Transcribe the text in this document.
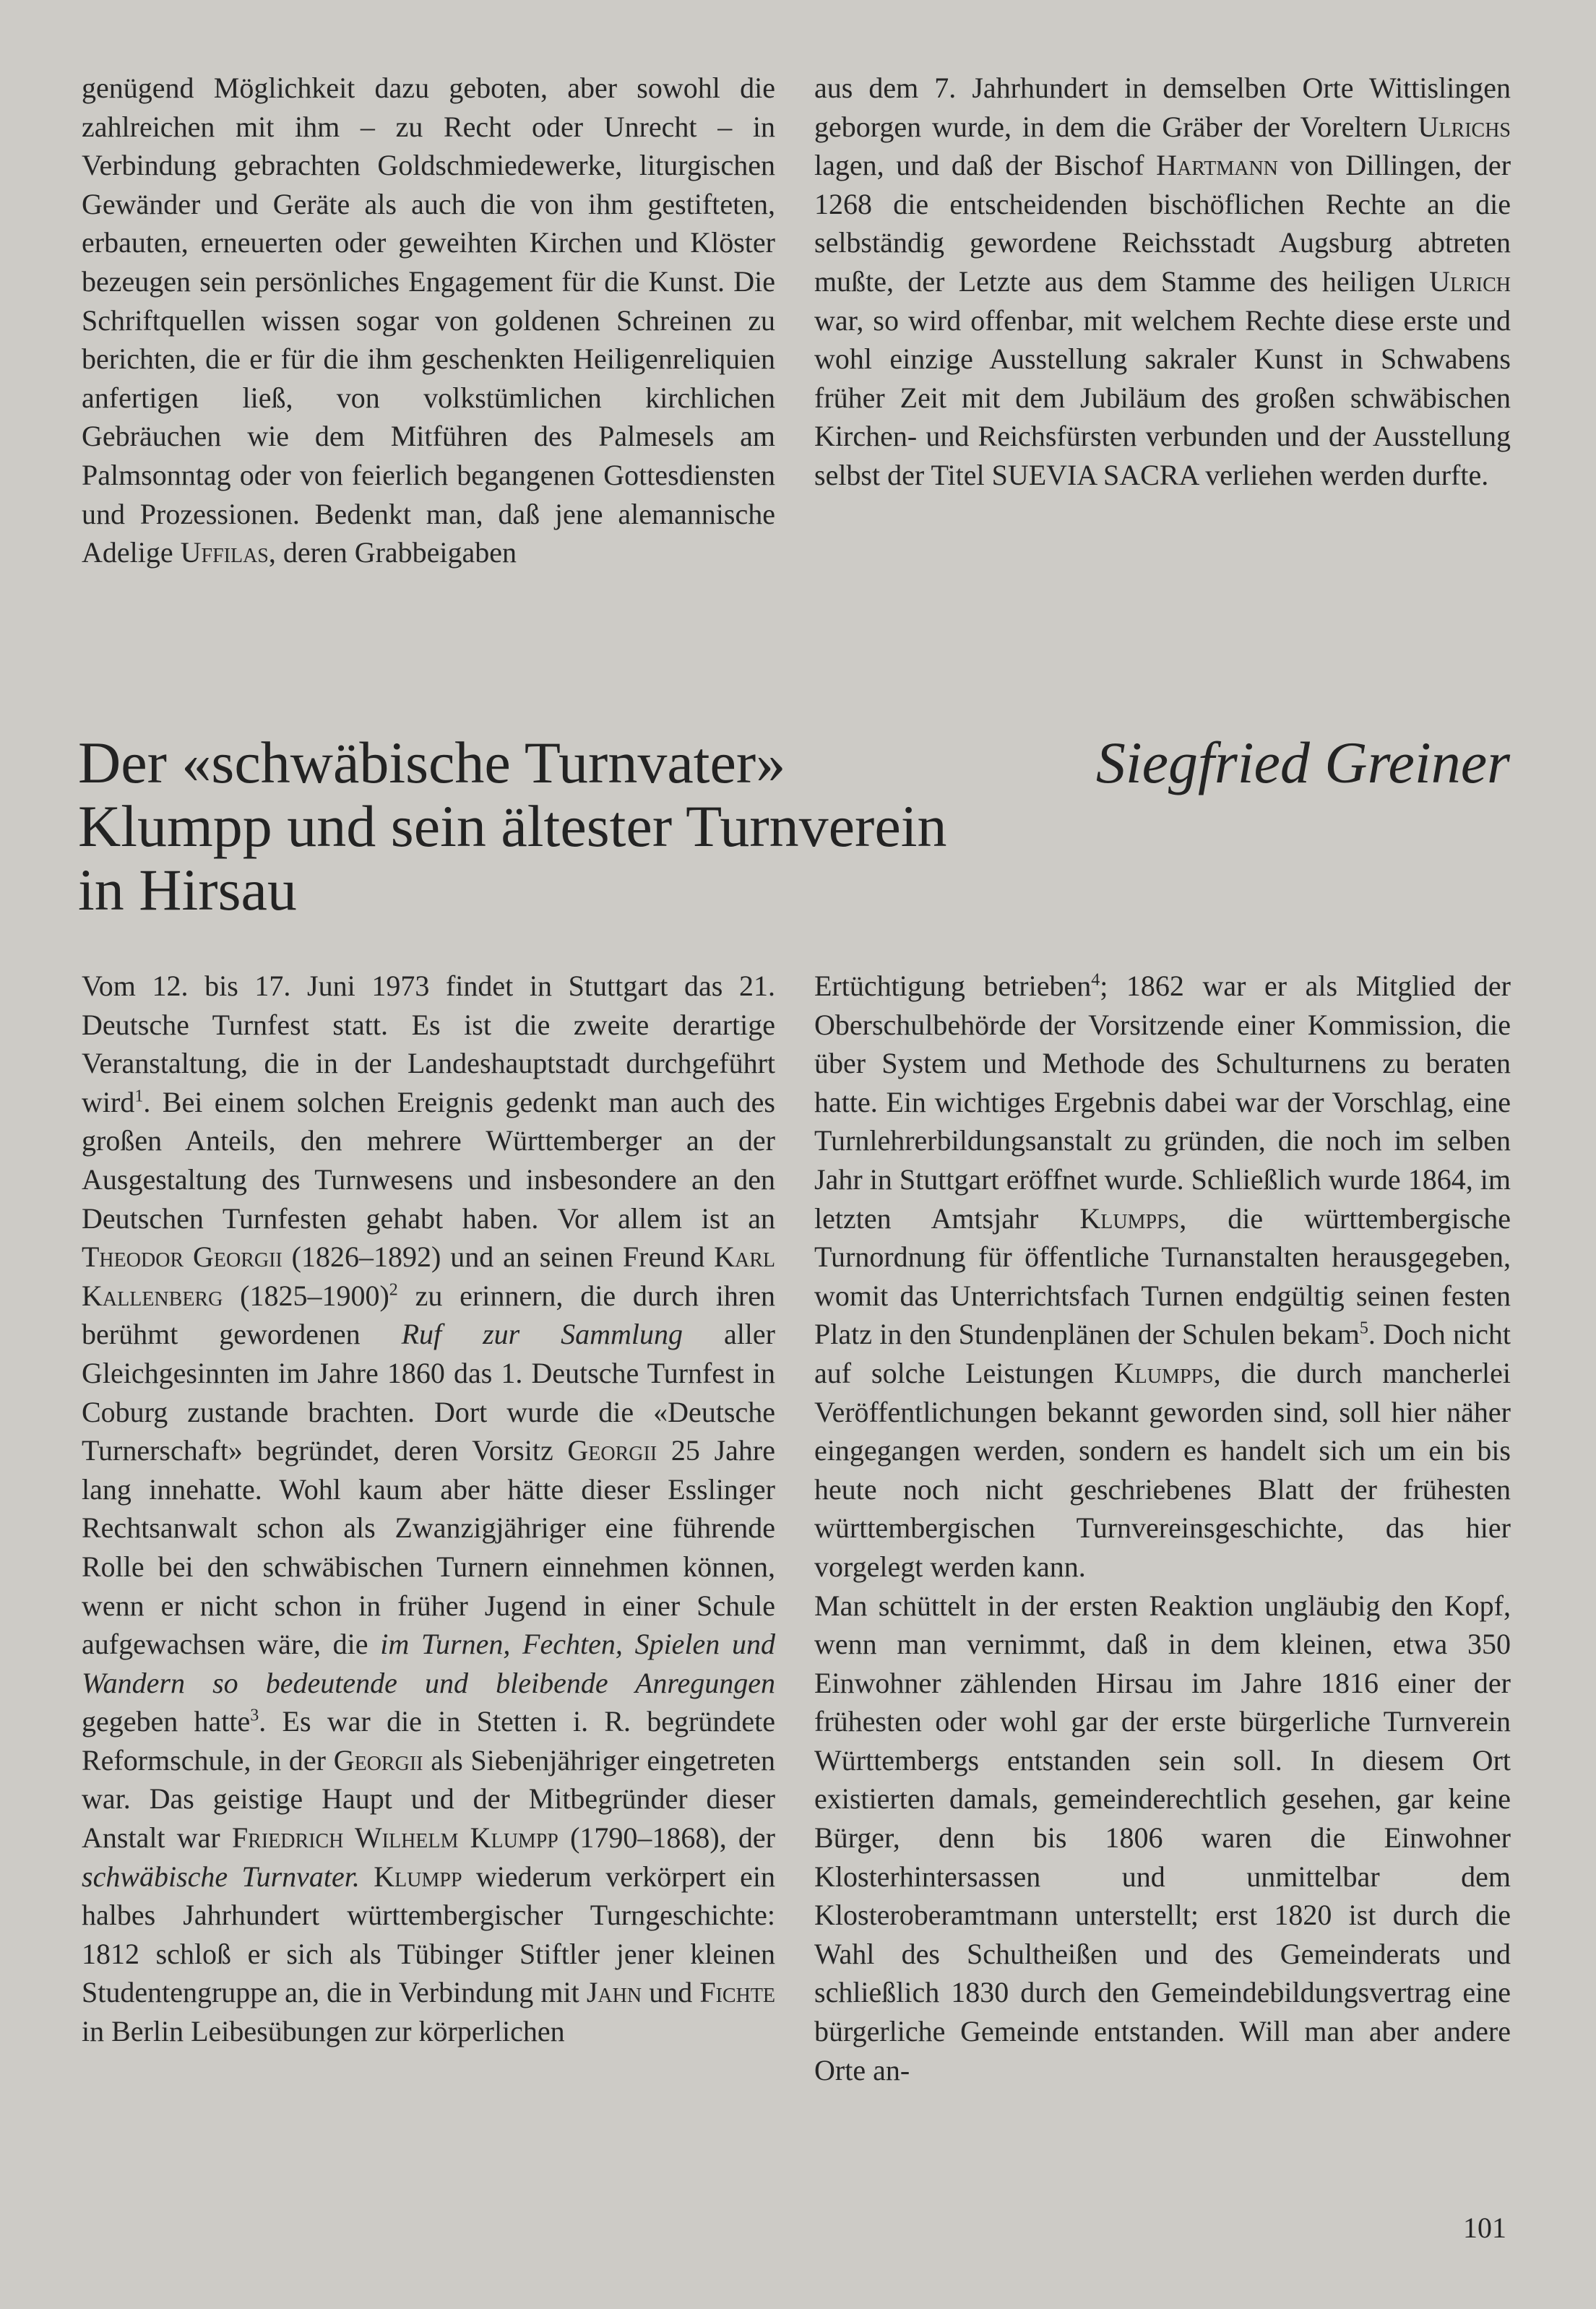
genügend Möglichkeit dazu geboten, aber sowohl die zahlreichen mit ihm – zu Recht oder Unrecht – in Verbindung gebrachten Goldschmiedewerke, liturgischen Gewänder und Geräte als auch die von ihm gestifteten, erbauten, erneuerten oder geweihten Kirchen und Klöster bezeugen sein persönliches Engagement für die Kunst. Die Schriftquellen wissen sogar von goldenen Schreinen zu berichten, die er für die ihm geschenkten Heiligenreliquien anfertigen ließ, von volkstümlichen kirchlichen Gebräuchen wie dem Mitführen des Palmesels am Palmsonntag oder von feierlich begangenen Gottesdiensten und Prozessionen. Bedenkt man, daß jene alemannische Adelige Uffilas, deren Grabbeigaben

aus dem 7. Jahrhundert in demselben Orte Wittislingen geborgen wurde, in dem die Gräber der Voreltern Ulrichs lagen, und daß der Bischof Hartmann von Dillingen, der 1268 die entscheidenden bischöflichen Rechte an die selbständig gewordene Reichsstadt Augsburg abtreten mußte, der Letzte aus dem Stamme des heiligen Ulrich war, so wird offenbar, mit welchem Rechte diese erste und wohl einzige Ausstellung sakraler Kunst in Schwabens früher Zeit mit dem Jubiläum des großen schwäbischen Kirchen- und Reichsfürsten verbunden und der Ausstellung selbst der Titel SUEVIA SACRA verliehen werden durfte.

Der «schwäbische Turnvater»
Klumpp und sein ältester Turnverein
in Hirsau
Siegfried Greiner

Vom 12. bis 17. Juni 1973 findet in Stuttgart das 21. Deutsche Turnfest statt. Es ist die zweite derartige Veranstaltung, die in der Landeshauptstadt durchgeführt wird$^1$. Bei einem solchen Ereignis gedenkt man auch des großen Anteils, den mehrere Württemberger an der Ausgestaltung des Turnwesens und insbesondere an den Deutschen Turnfesten gehabt haben. Vor allem ist an Theodor Georgii (1826–1892) und an seinen Freund Karl Kallenberg (1825–1900)$^2$ zu erinnern, die durch ihren berühmt gewordenen Ruf zur Sammlung aller Gleichgesinnten im Jahre 1860 das 1. Deutsche Turnfest in Coburg zustande brachten. Dort wurde die «Deutsche Turnerschaft» begründet, deren Vorsitz Georgii 25 Jahre lang innehatte. Wohl kaum aber hätte dieser Esslinger Rechtsanwalt schon als Zwanzigjähriger eine führende Rolle bei den schwäbischen Turnern einnehmen können, wenn er nicht schon in früher Jugend in einer Schule aufgewachsen wäre, die im Turnen, Fechten, Spielen und Wandern so bedeutende und bleibende Anregungen gegeben hatte$^3$. Es war die in Stetten i. R. begründete Reformschule, in der Georgii als Siebenjähriger eingetreten war. Das geistige Haupt und der Mitbegründer dieser Anstalt war Friedrich Wilhelm Klumpp (1790–1868), der schwäbische Turnvater. Klumpp wiederum verkörpert ein halbes Jahrhundert württembergischer Turngeschichte: 1812 schloß er sich als Tübinger Stiftler jener kleinen Studentengruppe an, die in Verbindung mit Jahn und Fichte in Berlin Leibesübungen zur körperlichen

Ertüchtigung betrieben$^4$; 1862 war er als Mitglied der Oberschulbehörde der Vorsitzende einer Kommission, die über System und Methode des Schulturnens zu beraten hatte. Ein wichtiges Ergebnis dabei war der Vorschlag, eine Turnlehrerbildungsanstalt zu gründen, die noch im selben Jahr in Stuttgart eröffnet wurde. Schließlich wurde 1864, im letzten Amtsjahr Klumpps, die württembergische Turnordnung für öffentliche Turnanstalten herausgegeben, womit das Unterrichtsfach Turnen endgültig seinen festen Platz in den Stundenplänen der Schulen bekam$^5$. Doch nicht auf solche Leistungen Klumpps, die durch mancherlei Veröffentlichungen bekannt geworden sind, soll hier näher eingegangen werden, sondern es handelt sich um ein bis heute noch nicht geschriebenes Blatt der frühesten württembergischen Turnvereinsgeschichte, das hier vorgelegt werden kann.

Man schüttelt in der ersten Reaktion ungläubig den Kopf, wenn man vernimmt, daß in dem kleinen, etwa 350 Einwohner zählenden Hirsau im Jahre 1816 einer der frühesten oder wohl gar der erste bürgerliche Turnverein Württembergs entstanden sein soll. In diesem Ort existierten damals, gemeinderechtlich gesehen, gar keine Bürger, denn bis 1806 waren die Einwohner Klosterhintersassen und unmittelbar dem Klosteroberamtmann unterstellt; erst 1820 ist durch die Wahl des Schultheißen und des Gemeinderats und schließlich 1830 durch den Gemeindebildungsvertrag eine bürgerliche Gemeinde entstanden. Will man aber andere Orte an-

101
